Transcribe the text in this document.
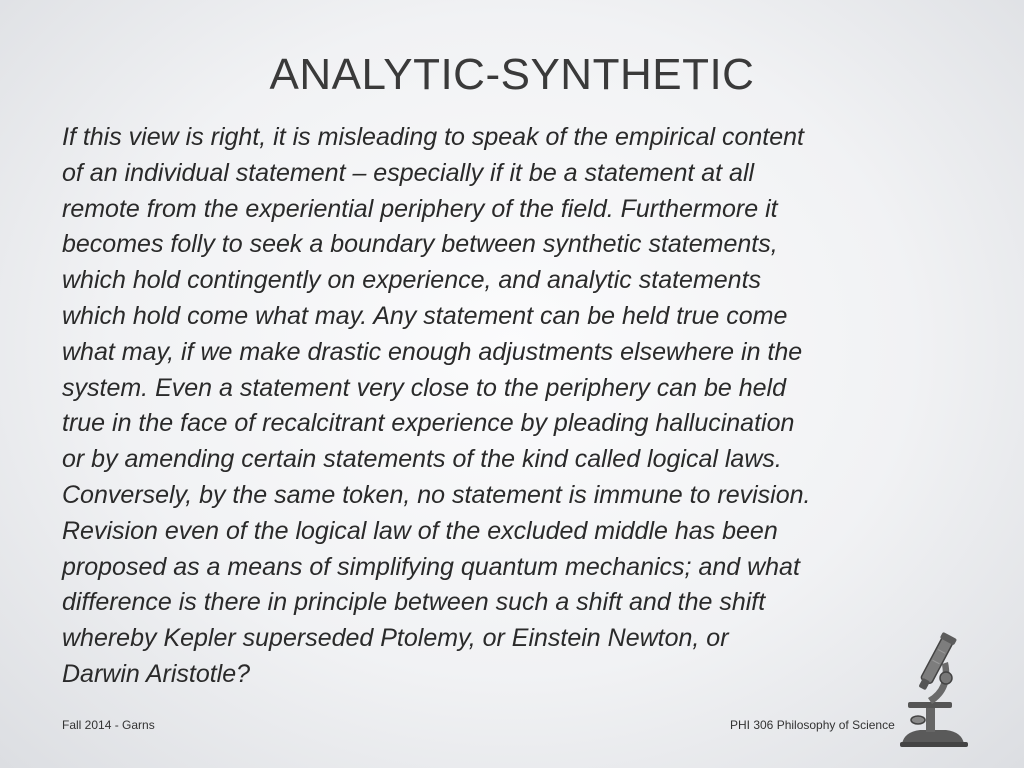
ANALYTIC-SYNTHETIC
If this view is right, it is misleading to speak of the empirical content
of an individual statement – especially if it be a statement at all
remote from the experiential periphery of the field. Furthermore it
becomes folly to seek a boundary between synthetic statements,
which hold contingently on experience, and analytic statements
which hold come what may. Any statement can be held true come
what may, if we make drastic enough adjustments elsewhere in the
system. Even a statement very close to the periphery can be held
true in the face of recalcitrant experience by pleading hallucination
or by amending certain statements of the kind called logical laws.
Conversely, by the same token, no statement is immune to revision.
Revision even of the logical law of the excluded middle has been
proposed as a means of simplifying quantum mechanics; and what
difference is there in principle between such a shift and the shift
whereby Kepler superseded Ptolemy, or Einstein Newton, or
Darwin Aristotle?
Fall 2014 - Garns	PHI 306 Philosophy of Science
